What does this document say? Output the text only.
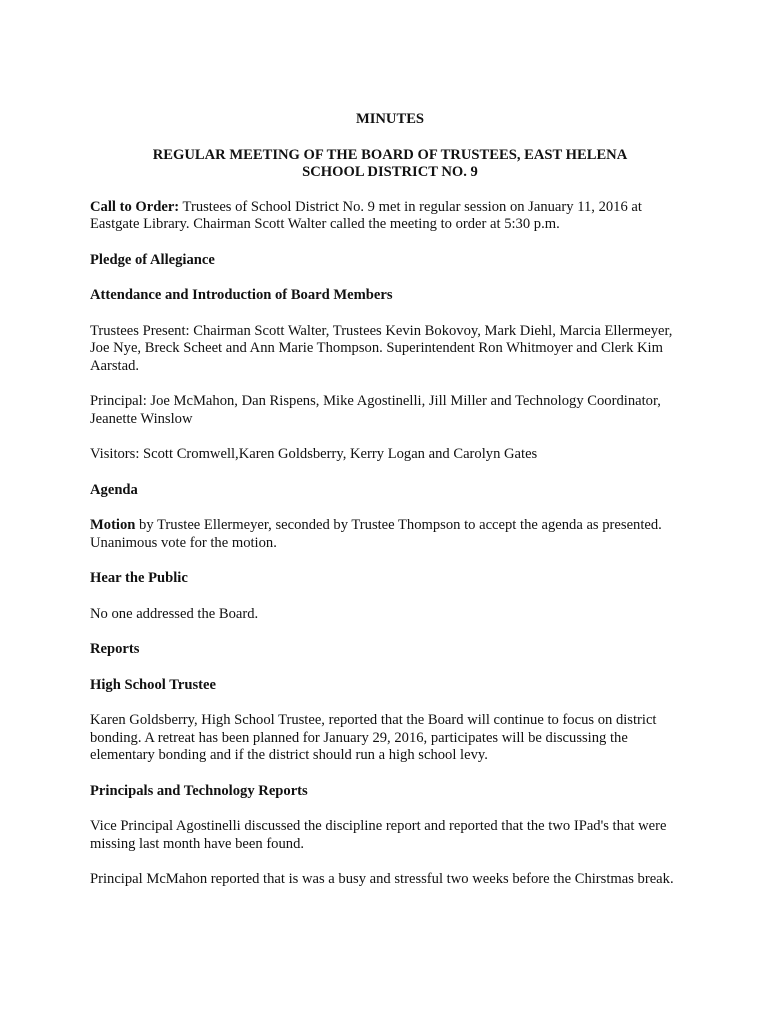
MINUTES

REGULAR MEETING OF THE BOARD OF TRUSTEES, EAST HELENA

SCHOOL DISTRICT NO. 9

Call to Order: Trustees of School District No. 9 met in regular session on January 11, 2016 at Eastgate Library. Chairman Scott Walter called the meeting to order at 5:30 p.m.

Pledge of Allegiance

Attendance and Introduction of Board Members

Trustees Present: Chairman Scott Walter, Trustees Kevin Bokovoy, Mark Diehl, Marcia Ellermeyer, Joe Nye, Breck Scheet and Ann Marie Thompson. Superintendent Ron Whitmoyer and Clerk Kim Aarstad.

Principal: Joe McMahon, Dan Rispens, Mike Agostinelli, Jill Miller and Technology Coordinator, Jeanette Winslow

Visitors: Scott Cromwell,Karen Goldsberry, Kerry Logan and Carolyn Gates

Agenda

Motion by Trustee Ellermeyer, seconded by Trustee Thompson to accept the agenda as presented. Unanimous vote for the motion.

Hear the Public

No one addressed the Board.

Reports

High School Trustee

Karen Goldsberry, High School Trustee, reported that the Board will continue to focus on district bonding. A retreat has been planned for January 29, 2016, participates will be discussing the elementary bonding and if the district should run a high school levy.

Principals and Technology Reports

Vice Principal Agostinelli discussed the discipline report and reported that the two IPad's that were missing last month have been found.

Principal McMahon reported that is was a busy and stressful two weeks before the Chirstmas break.
